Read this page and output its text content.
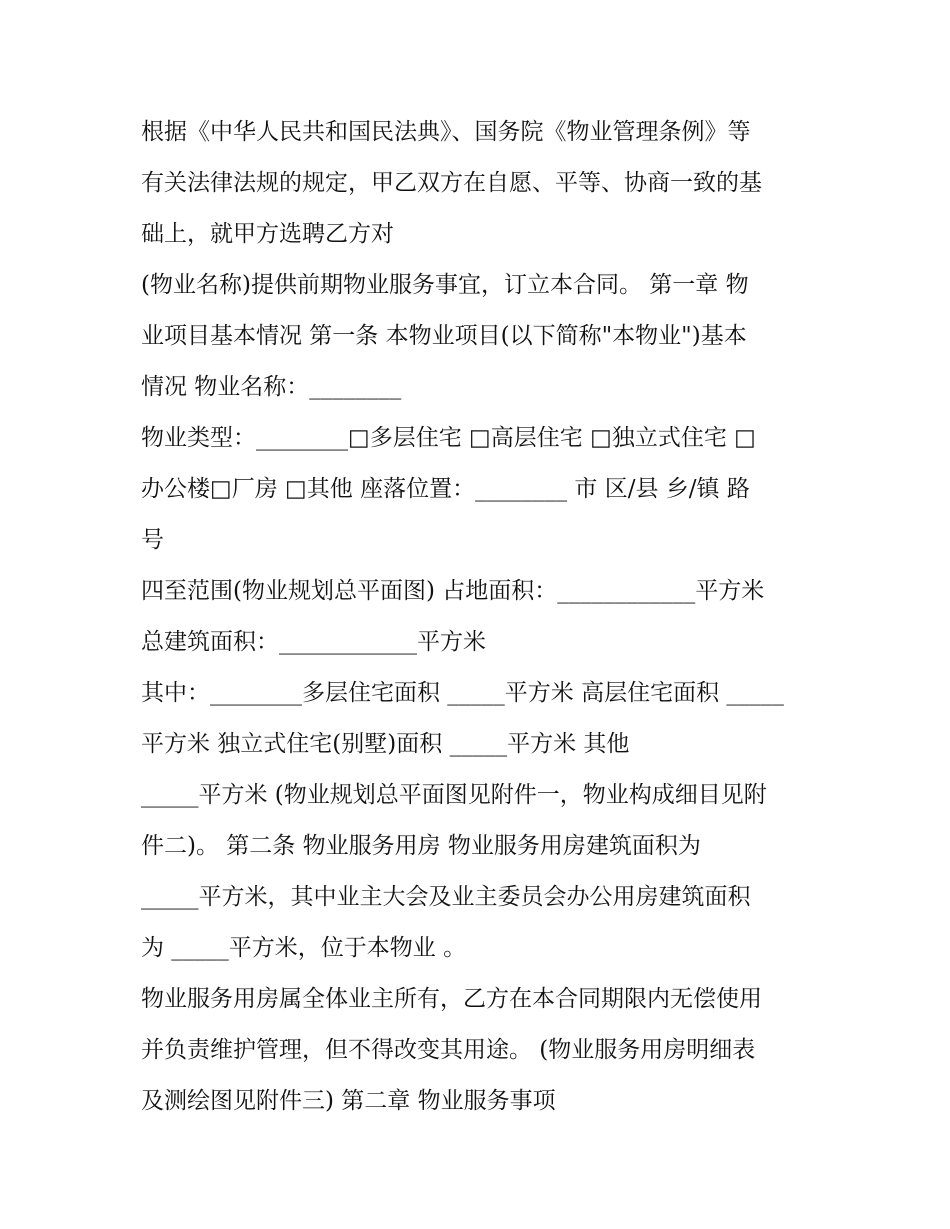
根据《中华人民共和国民法典》、国务院《物业管理条例》等
有关法律法规的规定，甲乙双方在自愿、平等、协商一致的基
础上，就甲方选聘乙方对
(物业名称)提供前期物业服务事宜，订立本合同。 第一章 物
业项目基本情况 第一条 本物业项目(以下简称"本物业")基本
情况 物业名称：________
物业类型：________□多层住宅 □高层住宅 □独立式住宅 □
办公楼□厂房 □其他 座落位置：________ 市 区/县 乡/镇 路
号
四至范围(物业规划总平面图) 占地面积：____________平方米
总建筑面积：____________平方米
其中：________多层住宅面积 _____平方米 高层住宅面积 _____
平方米 独立式住宅(别墅)面积 _____平方米 其他
_____平方米 (物业规划总平面图见附件一，物业构成细目见附
件二)。 第二条 物业服务用房 物业服务用房建筑面积为
_____平方米，其中业主大会及业主委员会办公用房建筑面积
为 _____平方米，位于本物业 。
物业服务用房属全体业主所有，乙方在本合同期限内无偿使用
并负责维护管理，但不得改变其用途。 (物业服务用房明细表
及测绘图见附件三) 第二章 物业服务事项
